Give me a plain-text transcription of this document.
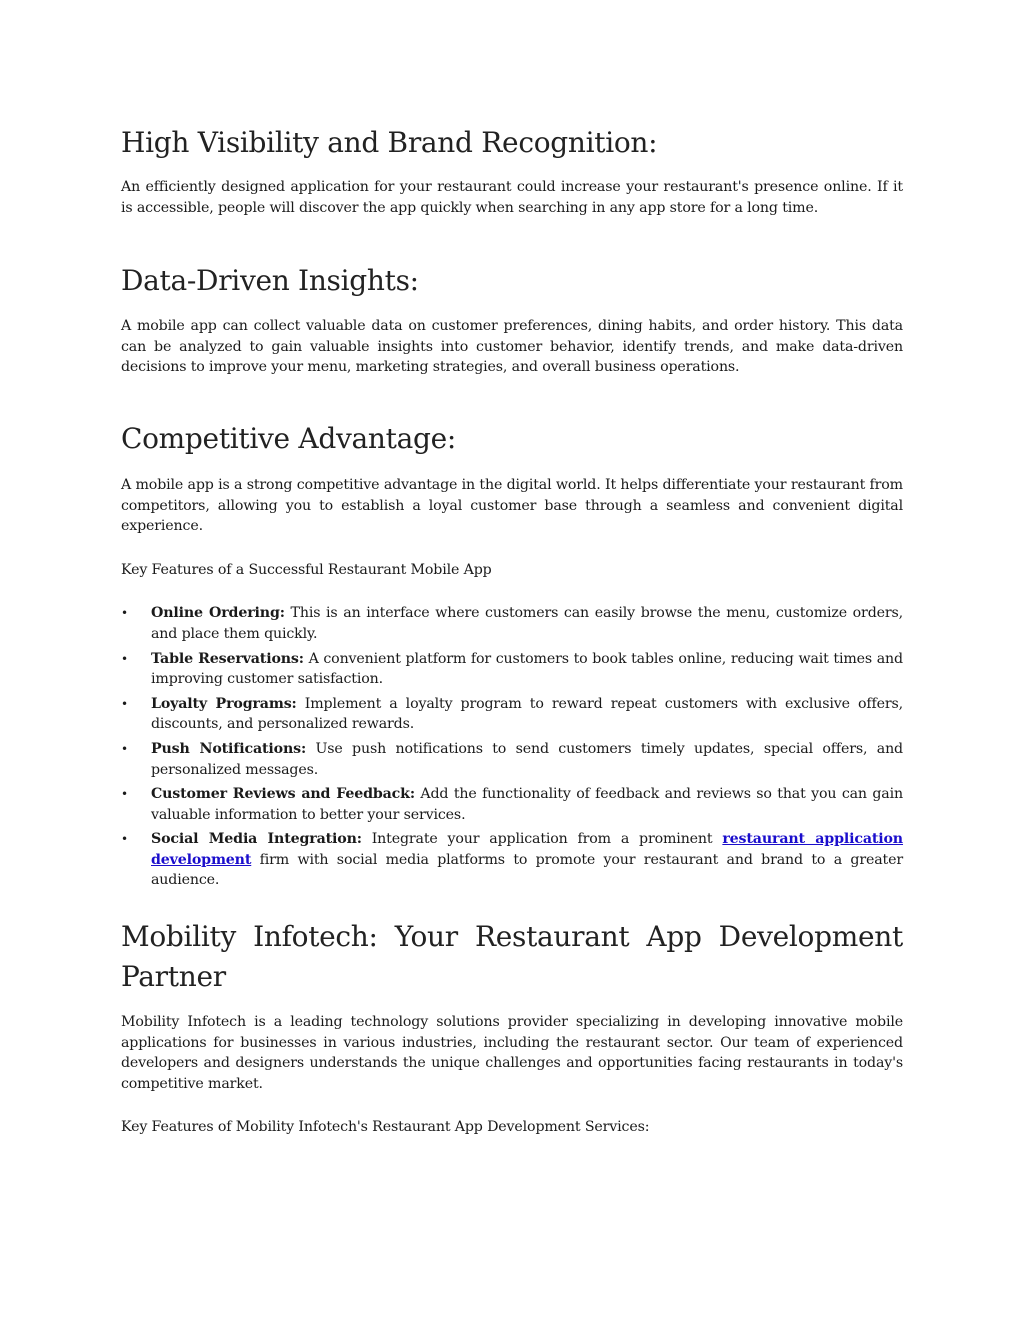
High Visibility and Brand Recognition:

An efficiently designed application for your restaurant could increase your restaurant's presence online. If it is accessible, people will discover the app quickly when searching in any app store for a long time.

Data-Driven Insights:

A mobile app can collect valuable data on customer preferences, dining habits, and order history. This data can be analyzed to gain valuable insights into customer behavior, identify trends, and make data-driven decisions to improve your menu, marketing strategies, and overall business operations.

Competitive Advantage:

A mobile app is a strong competitive advantage in the digital world. It helps differentiate your restaurant from competitors, allowing you to establish a loyal customer base through a seamless and convenient digital experience.

Key Features of a Successful Restaurant Mobile App

• Online Ordering: This is an interface where customers can easily browse the menu, customize orders, and place them quickly.
• Table Reservations: A convenient platform for customers to book tables online, reducing wait times and improving customer satisfaction.
• Loyalty Programs: Implement a loyalty program to reward repeat customers with exclusive offers, discounts, and personalized rewards.
• Push Notifications: Use push notifications to send customers timely updates, special offers, and personalized messages.
• Customer Reviews and Feedback: Add the functionality of feedback and reviews so that you can gain valuable information to better your services.
• Social Media Integration: Integrate your application from a prominent restaurant application development firm with social media platforms to promote your restaurant and brand to a greater audience.
Mobility Infotech: Your Restaurant App Development
Partner

Mobility Infotech is a leading technology solutions provider specializing in developing innovative mobile applications for businesses in various industries, including the restaurant sector. Our team of experienced developers and designers understands the unique challenges and opportunities facing restaurants in today's competitive market.

Key Features of Mobility Infotech's Restaurant App Development Services:
